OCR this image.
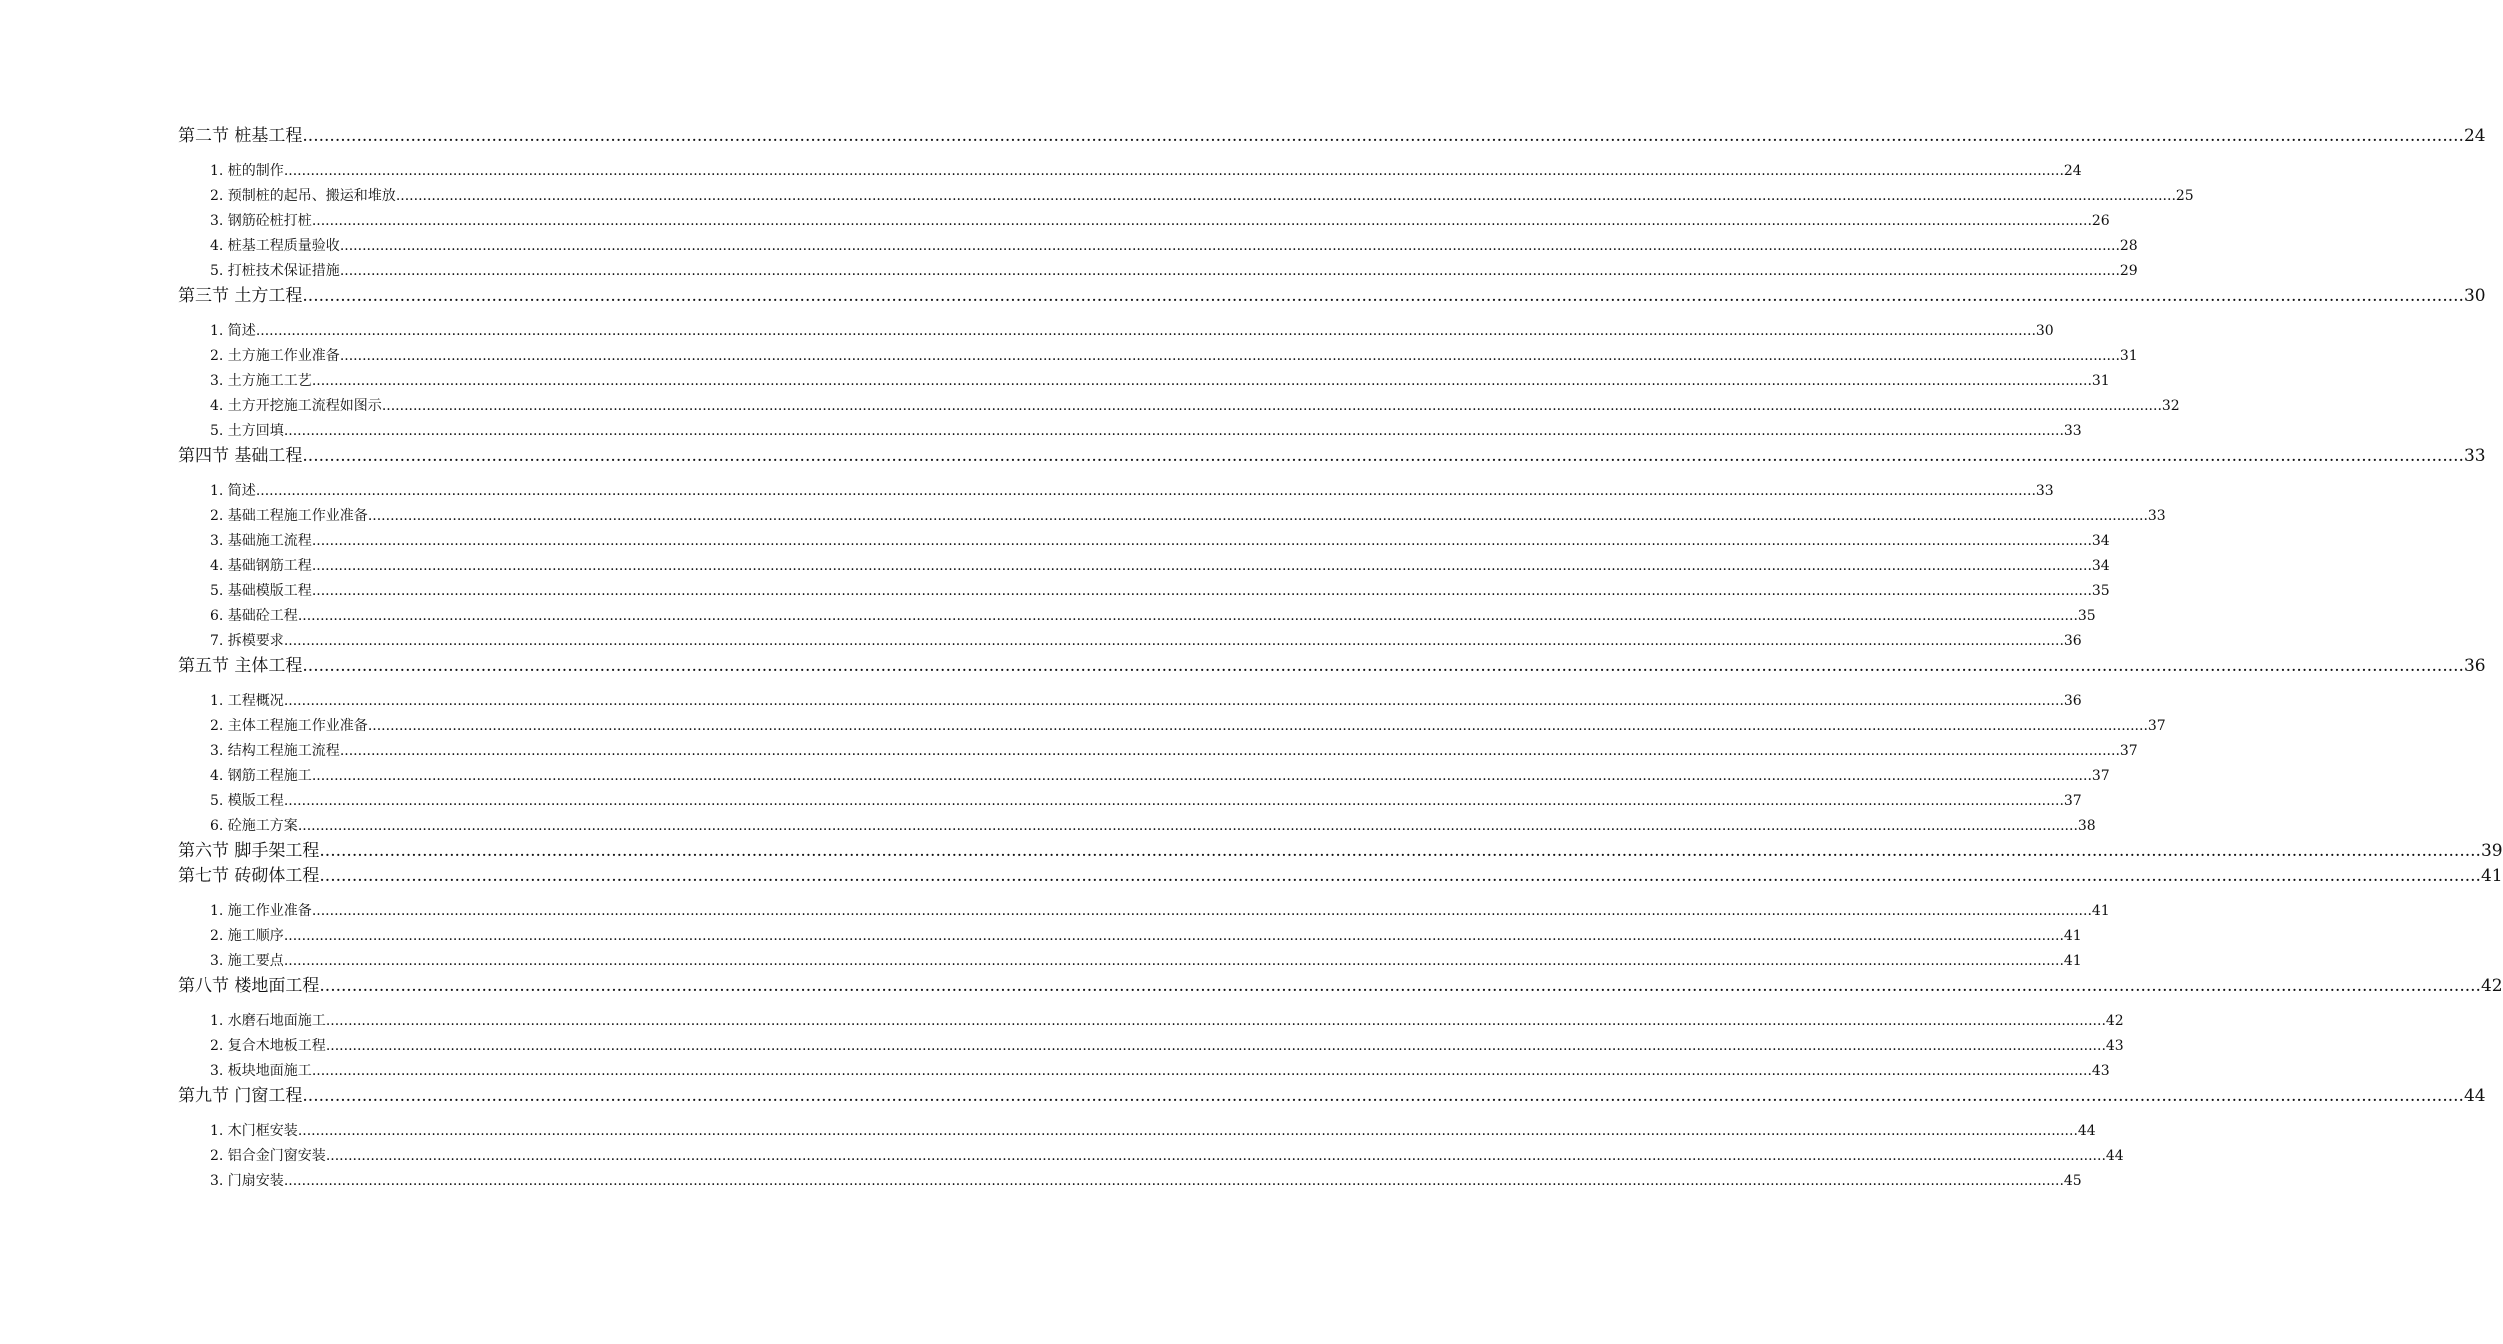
第二节 桩基工程 ................................................................................................................................................................................................................................................................................................................................................................................................................ 24
1. 桩的制作 ................................................................................................................................................................................................................................................................................................................................................................................................................ 24
2. 预制桩的起吊、搬运和堆放 ................................................................................................................................................................................................................................................................................................................................................................................................................ 25
3. 钢筋砼桩打桩 ................................................................................................................................................................................................................................................................................................................................................................................................................ 26
4. 桩基工程质量验收 ................................................................................................................................................................................................................................................................................................................................................................................................................ 28
5. 打桩技术保证措施 ................................................................................................................................................................................................................................................................................................................................................................................................................ 29
第三节 土方工程 ................................................................................................................................................................................................................................................................................................................................................................................................................ 30
1. 简述 ................................................................................................................................................................................................................................................................................................................................................................................................................ 30
2. 土方施工作业准备 ................................................................................................................................................................................................................................................................................................................................................................................................................ 31
3. 土方施工工艺 ................................................................................................................................................................................................................................................................................................................................................................................................................ 31
4. 土方开挖施工流程如图示 ................................................................................................................................................................................................................................................................................................................................................................................................................ 32
5. 土方回填 ................................................................................................................................................................................................................................................................................................................................................................................................................ 33
第四节 基础工程 ................................................................................................................................................................................................................................................................................................................................................................................................................ 33
1. 简述 ................................................................................................................................................................................................................................................................................................................................................................................................................ 33
2. 基础工程施工作业准备 ................................................................................................................................................................................................................................................................................................................................................................................................................ 33
3. 基础施工流程 ................................................................................................................................................................................................................................................................................................................................................................................................................ 34
4. 基础钢筋工程 ................................................................................................................................................................................................................................................................................................................................................................................................................ 34
5. 基础模版工程 ................................................................................................................................................................................................................................................................................................................................................................................................................ 35
6. 基础砼工程 ................................................................................................................................................................................................................................................................................................................................................................................................................ 35
7. 拆模要求 ................................................................................................................................................................................................................................................................................................................................................................................................................ 36
第五节 主体工程 ................................................................................................................................................................................................................................................................................................................................................................................................................ 36
1. 工程概况 ................................................................................................................................................................................................................................................................................................................................................................................................................ 36
2. 主体工程施工作业准备 ................................................................................................................................................................................................................................................................................................................................................................................................................ 37
3. 结构工程施工流程 ................................................................................................................................................................................................................................................................................................................................................................................................................ 37
4. 钢筋工程施工 ................................................................................................................................................................................................................................................................................................................................................................................................................ 37
5. 模版工程 ................................................................................................................................................................................................................................................................................................................................................................................................................ 37
6. 砼施工方案 ................................................................................................................................................................................................................................................................................................................................................................................................................ 38
第六节 脚手架工程 ................................................................................................................................................................................................................................................................................................................................................................................................................ 39
第七节 砖砌体工程 ................................................................................................................................................................................................................................................................................................................................................................................................................ 41
1. 施工作业准备 ................................................................................................................................................................................................................................................................................................................................................................................................................ 41
2. 施工顺序 ................................................................................................................................................................................................................................................................................................................................................................................................................ 41
3. 施工要点 ................................................................................................................................................................................................................................................................................................................................................................................................................ 41
第八节 楼地面工程 ................................................................................................................................................................................................................................................................................................................................................................................................................ 42
1. 水磨石地面施工 ................................................................................................................................................................................................................................................................................................................................................................................................................ 42
2. 复合木地板工程 ................................................................................................................................................................................................................................................................................................................................................................................................................ 43
3. 板块地面施工 ................................................................................................................................................................................................................................................................................................................................................................................................................ 43
第九节 门窗工程 ................................................................................................................................................................................................................................................................................................................................................................................................................ 44
1. 木门框安装 ................................................................................................................................................................................................................................................................................................................................................................................................................ 44
2. 铝合金门窗安装 ................................................................................................................................................................................................................................................................................................................................................................................................................ 44
3. 门扇安装 ................................................................................................................................................................................................................................................................................................................................................................................................................ 45
